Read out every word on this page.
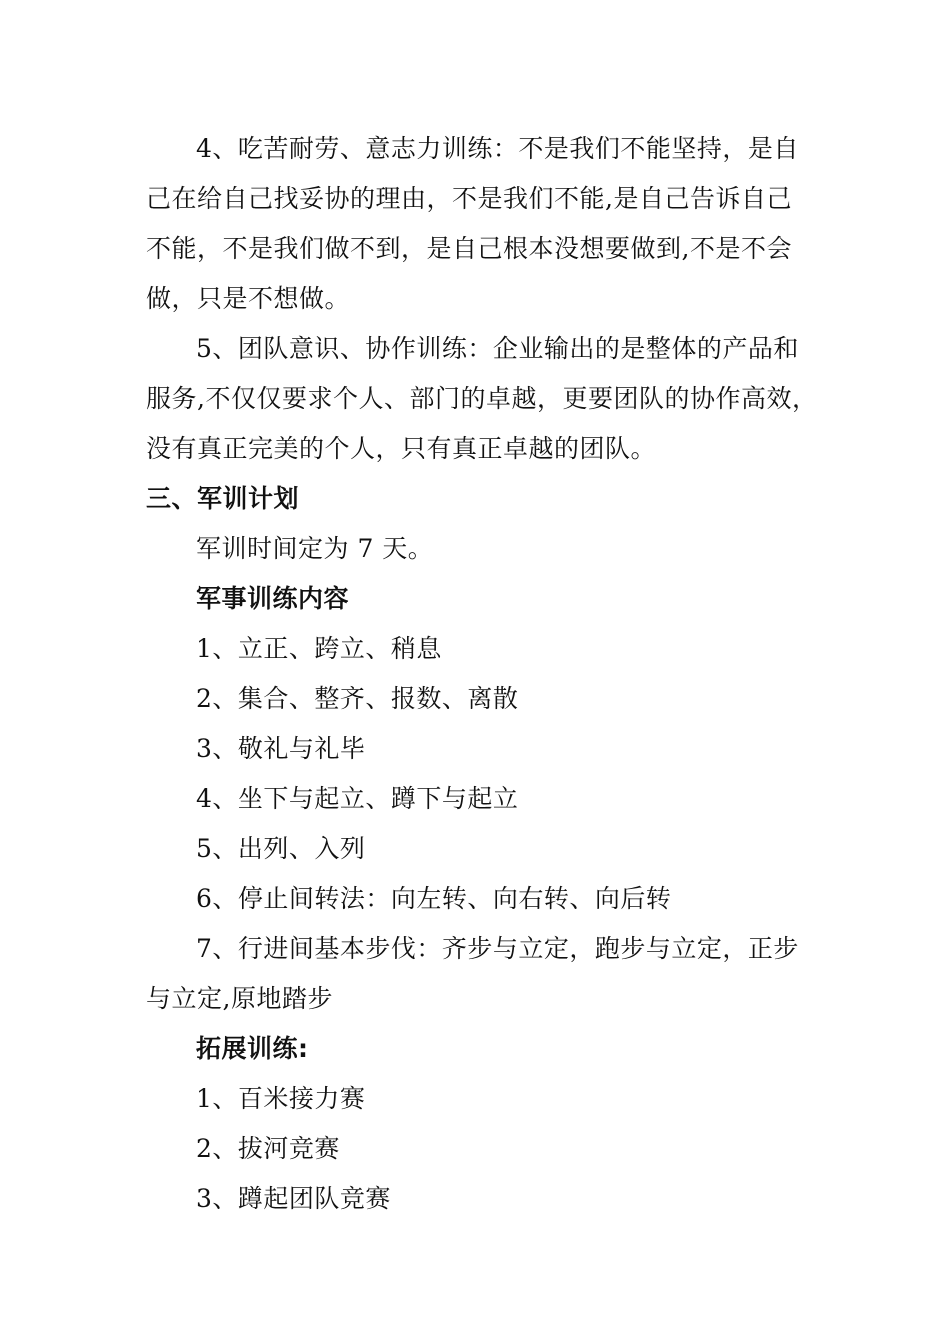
4、吃苦耐劳、意志力训练：不是我们不能坚持，是自
己在给自己找妥协的理由，不是我们不能,是自己告诉自己
不能，不是我们做不到，是自己根本没想要做到,不是不会
做，只是不想做。
5、团队意识、协作训练：企业输出的是整体的产品和
服务,不仅仅要求个人、部门的卓越，更要团队的协作高效，
没有真正完美的个人，只有真正卓越的团队。
三、军训计划
军训时间定为 7 天。
军事训练内容
1、立正、跨立、稍息
2、集合、整齐、报数、离散
3、敬礼与礼毕
4、坐下与起立、蹲下与起立
5、出列、入列
6、停止间转法：向左转、向右转、向后转
7、行进间基本步伐：齐步与立定，跑步与立定，正步
与立定,原地踏步
拓展训练:
1、百米接力赛
2、拔河竞赛
3、蹲起团队竞赛
